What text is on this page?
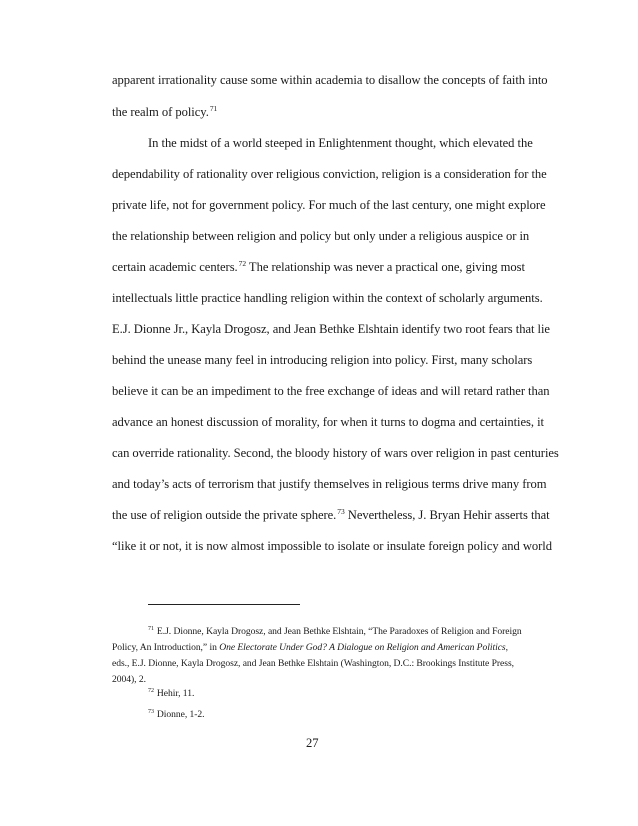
apparent irrationality cause some within academia to disallow the concepts of faith into
the realm of policy.$^{71}$
In the midst of a world steeped in Enlightenment thought, which elevated the
dependability of rationality over religious conviction, religion is a consideration for the
private life, not for government policy. For much of the last century, one might explore
the relationship between religion and policy but only under a religious auspice or in
certain academic centers.$^{72}$ The relationship was never a practical one, giving most
intellectuals little practice handling religion within the context of scholarly arguments.
E.J. Dionne Jr., Kayla Drogosz, and Jean Bethke Elshtain identify two root fears that lie
behind the unease many feel in introducing religion into policy. First, many scholars
believe it can be an impediment to the free exchange of ideas and will retard rather than
advance an honest discussion of morality, for when it turns to dogma and certainties, it
can override rationality. Second, the bloody history of wars over religion in past centuries
and today’s acts of terrorism that justify themselves in religious terms drive many from
the use of religion outside the private sphere.$^{73}$ Nevertheless, J. Bryan Hehir asserts that
“like it or not, it is now almost impossible to isolate or insulate foreign policy and world
$^{71}$ E.J. Dionne, Kayla Drogosz, and Jean Bethke Elshtain, “The Paradoxes of Religion and Foreign
Policy, An Introduction,” in One Electorate Under God? A Dialogue on Religion and American Politics,
eds., E.J. Dionne, Kayla Drogosz, and Jean Bethke Elshtain (Washington, D.C.: Brookings Institute Press,
2004), 2.
$^{72}$ Hehir, 11.
$^{73}$ Dionne, 1-2.
27
